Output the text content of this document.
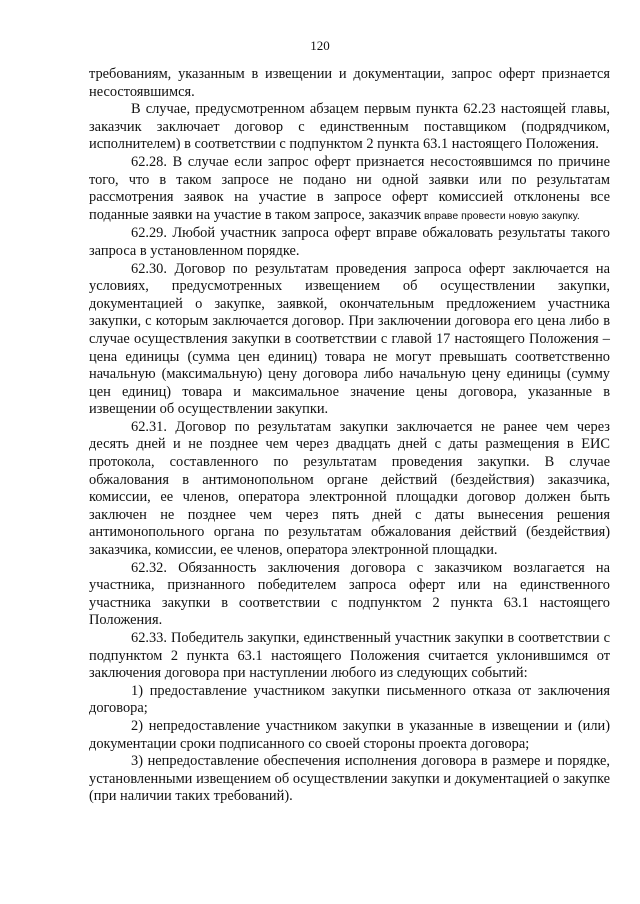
120

требованиям, указанным в извещении и документации, запрос оферт признается несостоявшимся.

В случае, предусмотренном абзацем первым пункта 62.23 настоящей главы, заказчик заключает договор с единственным поставщиком (подрядчиком, исполнителем) в соответствии с подпунктом 2 пункта 63.1 настоящего Положения.

62.28. В случае если запрос оферт признается несостоявшимся по причине того, что в таком запросе не подано ни одной заявки или по результатам рассмотрения заявок на участие в запросе оферт комиссией отклонены все поданные заявки на участие в таком запросе, заказчик вправе провести новую закупку.

62.29. Любой участник запроса оферт вправе обжаловать результаты такого запроса в установленном порядке.

62.30. Договор по результатам проведения запроса оферт заключается на условиях, предусмотренных извещением об осуществлении закупки, документацией о закупке, заявкой, окончательным предложением участника закупки, с которым заключается договор. При заключении договора его цена либо в случае осуществления закупки в соответствии с главой 17 настоящего Положения – цена единицы (сумма цен единиц) товара не могут превышать соответственно начальную (максимальную) цену договора либо начальную цену единицы (сумму цен единиц) товара и максимальное значение цены договора, указанные в извещении об осуществлении закупки.

62.31. Договор по результатам закупки заключается не ранее чем через десять дней и не позднее чем через двадцать дней с даты размещения в ЕИС протокола, составленного по результатам проведения закупки. В случае обжалования в антимонопольном органе действий (бездействия) заказчика, комиссии, ее членов, оператора электронной площадки договор должен быть заключен не позднее чем через пять дней с даты вынесения решения антимонопольного органа по результатам обжалования действий (бездействия) заказчика, комиссии, ее членов, оператора электронной площадки.

62.32. Обязанность заключения договора с заказчиком возлагается на участника, признанного победителем запроса оферт или на единственного участника закупки в соответствии с подпунктом 2 пункта 63.1 настоящего Положения.

62.33. Победитель закупки, единственный участник закупки в соответствии с подпунктом 2 пункта 63.1 настоящего Положения считается уклонившимся от заключения договора при наступлении любого из следующих событий:

1) предоставление участником закупки письменного отказа от заключения договора;

2) непредоставление участником закупки в указанные в извещении и (или) документации сроки подписанного со своей стороны проекта договора;

3) непредоставление обеспечения исполнения договора в размере и порядке, установленными извещением об осуществлении закупки и документацией о закупке (при наличии таких требований).
